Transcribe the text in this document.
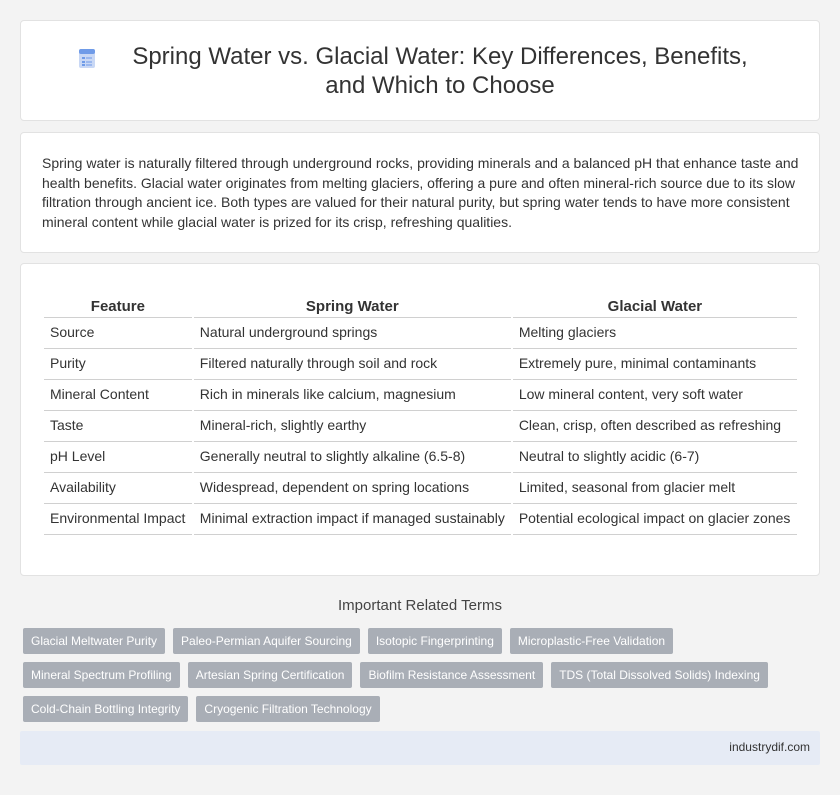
Spring Water vs. Glacial Water: Key Differences, Benefits, and Which to Choose

Spring water is naturally filtered through underground rocks, providing minerals and a balanced pH that enhance taste and health benefits. Glacial water originates from melting glaciers, offering a pure and often mineral-rich source due to its slow filtration through ancient ice. Both types are valued for their natural purity, but spring water tends to have more consistent mineral content while glacial water is prized for its crisp, refreshing qualities.

Feature	Spring Water	Glacial Water
Source	Natural underground springs	Melting glaciers
Purity	Filtered naturally through soil and rock	Extremely pure, minimal contaminants
Mineral Content	Rich in minerals like calcium, magnesium	Low mineral content, very soft water
Taste	Mineral-rich, slightly earthy	Clean, crisp, often described as refreshing
pH Level	Generally neutral to slightly alkaline (6.5-8)	Neutral to slightly acidic (6-7)
Availability	Widespread, dependent on spring locations	Limited, seasonal from glacier melt
Environmental Impact	Minimal extraction impact if managed sustainably	Potential ecological impact on glacier zones
Important Related Terms
Glacial Meltwater Purity	Paleo-Permian Aquifer Sourcing	Isotopic Fingerprinting	Microplastic-Free Validation
Mineral Spectrum Profiling	Artesian Spring Certification	Biofilm Resistance Assessment	TDS (Total Dissolved Solids) Indexing
Cold-Chain Bottling Integrity	Cryogenic Filtration Technology
industrydif.com
